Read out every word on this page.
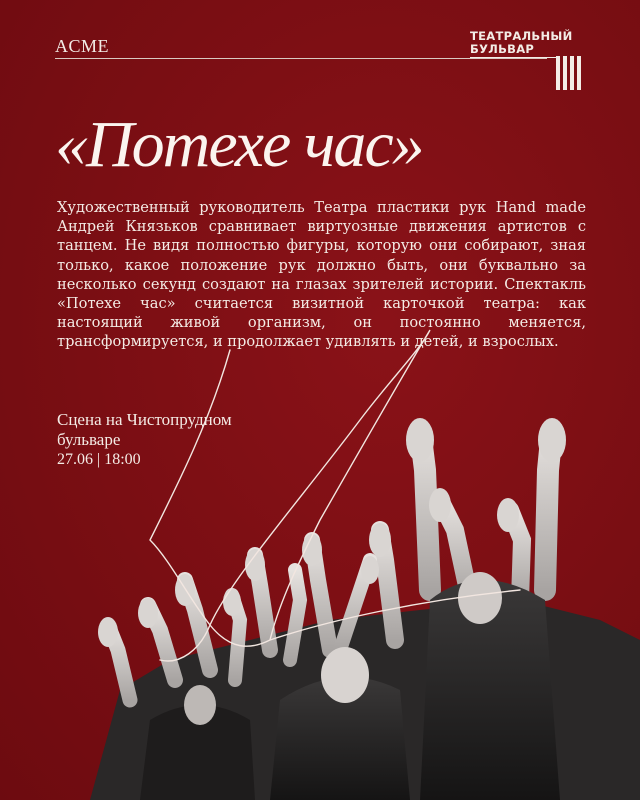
ACME	ТЕАТРАЛЬНЫЙ
БУЛЬВАР
«Потехе час»
Художественный руководитель Театра пластики рук Hand made Андрей Князьков сравнивает виртуозные движения артистов с танцем. Не видя полностью фигуры, которую они собирают, зная только, какое положение рук должно быть, они буквально за несколько секунд создают на глазах зрителей истории. Спектакль «Потехе час» считается визитной карточкой театра: как настоящий живой организм, он постоянно меняется, трансформируется, и продолжает удивлять и детей, и взрослых.
Сцена на Чистопрудном бульваре
27.06 | 18:00
